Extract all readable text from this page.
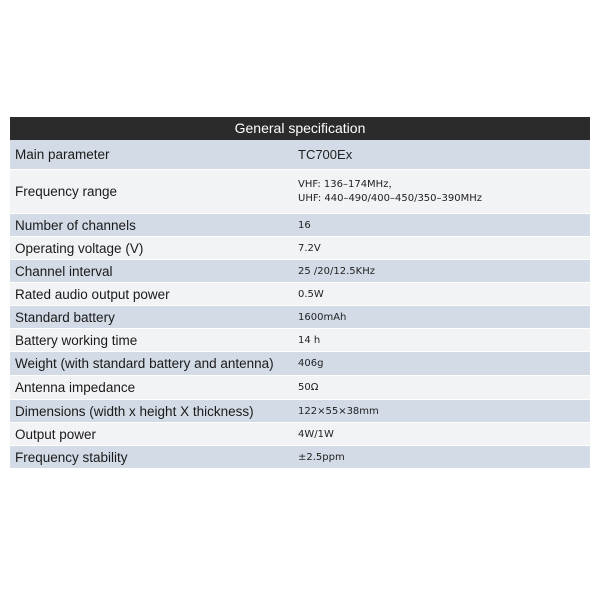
General specification
Main parameter	TC700Ex
Frequency range	VHF: 136–174MHz，
UHF: 440–490/400–450/350–390MHz
Number of channels	16
Operating voltage (V)	7.2V
Channel interval	25 /20/12.5KHz
Rated audio output power	0.5W
Standard battery	1600mAh
Battery working time	14 h
Weight (with standard battery and antenna)	406g
Antenna impedance	50Ω
Dimensions (width x height X thickness)	122×55×38mm
Output power	4W/1W
Frequency stability	±2.5ppm
